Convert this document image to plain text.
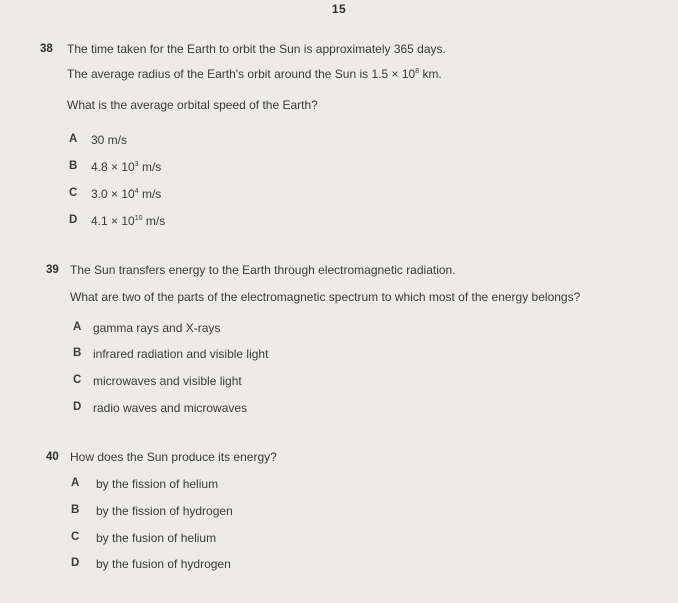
15
38 The time taken for the Earth to orbit the Sun is approximately 365 days.
The average radius of the Earth's orbit around the Sun is $1.5 \times 10^8$ km.
What is the average orbital speed of the Earth?
A 30 m/s
B $4.8 \times 10^3$ m/s
C $3.0 \times 10^4$ m/s
D $4.1 \times 10^{10}$ m/s
39 The Sun transfers energy to the Earth through electromagnetic radiation.
What are two of the parts of the electromagnetic spectrum to which most of the energy belongs?
A gamma rays and X-rays
B infrared radiation and visible light
C microwaves and visible light
D radio waves and microwaves
40 How does the Sun produce its energy?
A by the fission of helium
B by the fission of hydrogen
C by the fusion of helium
D by the fusion of hydrogen
